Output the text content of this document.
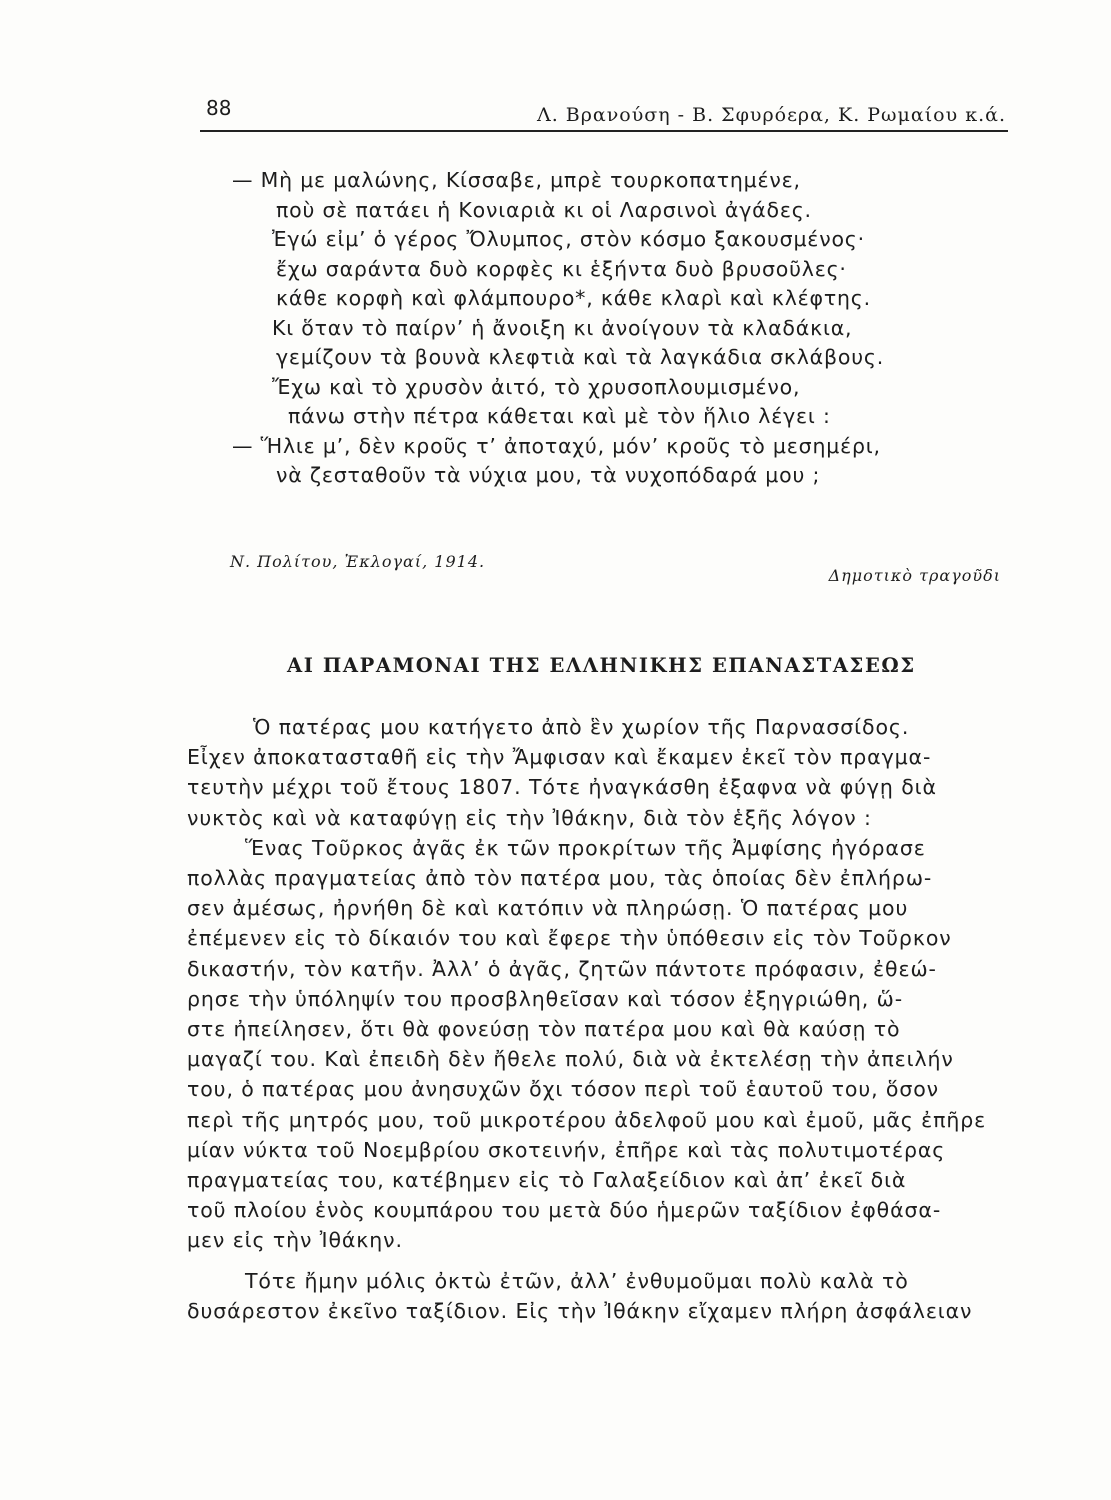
88	Λ. Βρανούση - Β. Σφυρόερα, Κ. Ρωμαίου κ.ά.
— Μὴ με μαλώνης, Κίσσαβε, μπρὲ τουρκοπατημένε,
ποὺ σὲ πατάει ἡ Κονιαριὰ κι οἱ Λαρσινοὶ ἀγάδες.
Ἐγώ εἰμ’ ὁ γέρος Ὄλυμπος, στὸν κόσμο ξακουσμένος·
ἔχω σαράντα δυὸ κορφὲς κι ἑξήντα δυὸ βρυσοῦλες·
κάθε κορφὴ καὶ φλάμπουρο*, κάθε κλαρὶ καὶ κλέφτης.
Κι ὅταν τὸ παίρν’ ἡ ἄνοιξη κι ἀνοίγουν τὰ κλαδάκια,
γεμίζουν τὰ βουνὰ κλεφτιὰ καὶ τὰ λαγκάδια σκλάβους.
Ἔχω καὶ τὸ χρυσὸν ἀιτό, τὸ χρυσοπλουμισμένο,
πάνω στὴν πέτρα κάθεται καὶ μὲ τὸν ἥλιο λέγει :
— Ἥλιε μ’, δὲν κροῦς τ’ ἀποταχύ, μόν’ κροῦς τὸ μεσημέρι,
νὰ ζεσταθοῦν τὰ νύχια μου, τὰ νυχοπόδαρά μου ;
Ν. Πολίτου, Ἐκλογαί, 1914.
Δημοτικὸ τραγοῦδι
ΑΙ ΠΑΡΑΜΟΝΑΙ ΤΗΣ ΕΛΛΗΝΙΚΗΣ ΕΠΑΝΑΣΤΑΣΕΩΣ
Ὁ πατέρας μου κατήγετο ἀπὸ ἓν χωρίον τῆς Παρνασσίδος.
Εἶχεν ἀποκατασταθῆ εἰς τὴν Ἄμφισαν καὶ ἔκαμεν ἐκεῖ τὸν πραγμα-
τευτὴν μέχρι τοῦ ἔτους 1807. Τότε ἠναγκάσθη ἐξαφνα νὰ φύγῃ διὰ
νυκτὸς καὶ νὰ καταφύγῃ εἰς τὴν Ἰθάκην, διὰ τὸν ἑξῆς λόγον :
Ἕνας Τοῦρκος ἀγᾶς ἐκ τῶν προκρίτων τῆς Ἀμφίσης ἠγόρασε
πολλὰς πραγματείας ἀπὸ τὸν πατέρα μου, τὰς ὁποίας δὲν ἐπλήρω-
σεν ἀμέσως, ἠρνήθη δὲ καὶ κατόπιν νὰ πληρώσῃ. Ὁ πατέρας μου
ἐπέμενεν εἰς τὸ δίκαιόν του καὶ ἔφερε τὴν ὑπόθεσιν εἰς τὸν Τοῦρκον
δικαστήν, τὸν κατῆν. Ἀλλ’ ὁ ἀγᾶς, ζητῶν πάντοτε πρόφασιν, ἐθεώ-
ρησε τὴν ὑπόληψίν του προσβληθεῖσαν καὶ τόσον ἐξηγριώθη, ὥ-
στε ἠπείλησεν, ὅτι θὰ φονεύσῃ τὸν πατέρα μου καὶ θὰ καύσῃ τὸ
μαγαζί του. Καὶ ἐπειδὴ δὲν ἤθελε πολύ, διὰ νὰ ἐκτελέσῃ τὴν ἀπειλήν
του, ὁ πατέρας μου ἀνησυχῶν ὄχι τόσον περὶ τοῦ ἑαυτοῦ του, ὅσον
περὶ τῆς μητρός μου, τοῦ μικροτέρου ἀδελφοῦ μου καὶ ἐμοῦ, μᾶς ἐπῆρε
μίαν νύκτα τοῦ Νοεμβρίου σκοτεινήν, ἐπῆρε καὶ τὰς πολυτιμοτέρας
πραγματείας του, κατέβημεν εἰς τὸ Γαλαξείδιον καὶ ἀπ’ ἐκεῖ διὰ
τοῦ πλοίου ἑνὸς κουμπάρου του μετὰ δύο ἡμερῶν ταξίδιον ἐφθάσα-
μεν εἰς τὴν Ἰθάκην.
Τότε ἤμην μόλις ὀκτὼ ἐτῶν, ἀλλ’ ἐνθυμοῦμαι πολὺ καλὰ τὸ
δυσάρεστον ἐκεῖνο ταξίδιον. Εἰς τὴν Ἰθάκην εἴχαμεν πλήρη ἀσφάλειαν
